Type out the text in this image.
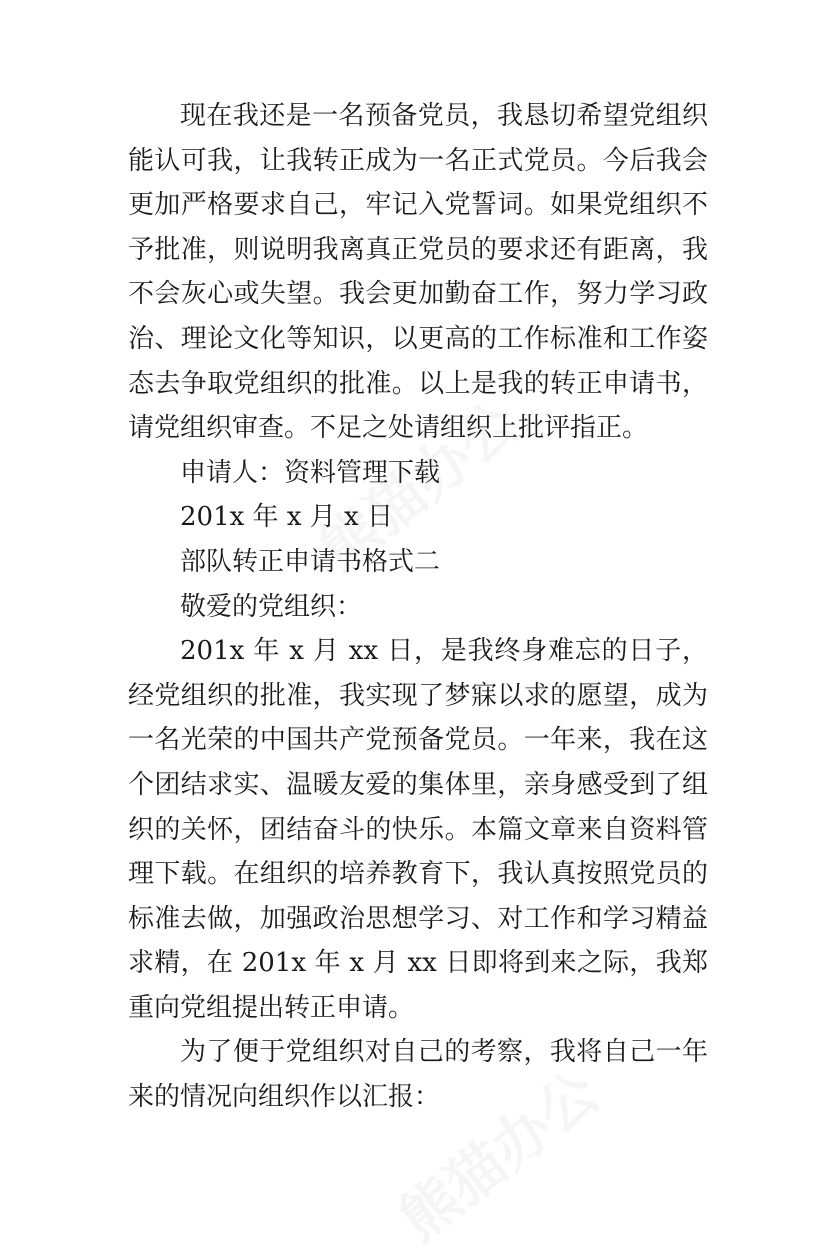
现在我还是一名预备党员，我恳切希望党组织能认可我，让我转正成为一名正式党员。今后我会更加严格要求自己，牢记入党誓词。如果党组织不予批准，则说明我离真正党员的要求还有距离，我不会灰心或失望。我会更加勤奋工作，努力学习政治、理论文化等知识，以更高的工作标准和工作姿态去争取党组织的批准。以上是我的转正申请书，请党组织审查。不足之处请组织上批评指正。

申请人：资料管理下载

201x 年 x 月 x 日

部队转正申请书格式二

敬爱的党组织：

201x 年 x 月 xx 日，是我终身难忘的日子，经党组织的批准，我实现了梦寐以求的愿望，成为一名光荣的中国共产党预备党员。一年来，我在这个团结求实、温暖友爱的集体里，亲身感受到了组织的关怀，团结奋斗的快乐。本篇文章来自资料管理下载。在组织的培养教育下，我认真按照党员的标准去做，加强政治思想学习、对工作和学习精益求精，在 201x 年 x 月 xx 日即将到来之际，我郑重向党组提出转正申请。

为了便于党组织对自己的考察，我将自己一年来的情况向组织作以汇报：
